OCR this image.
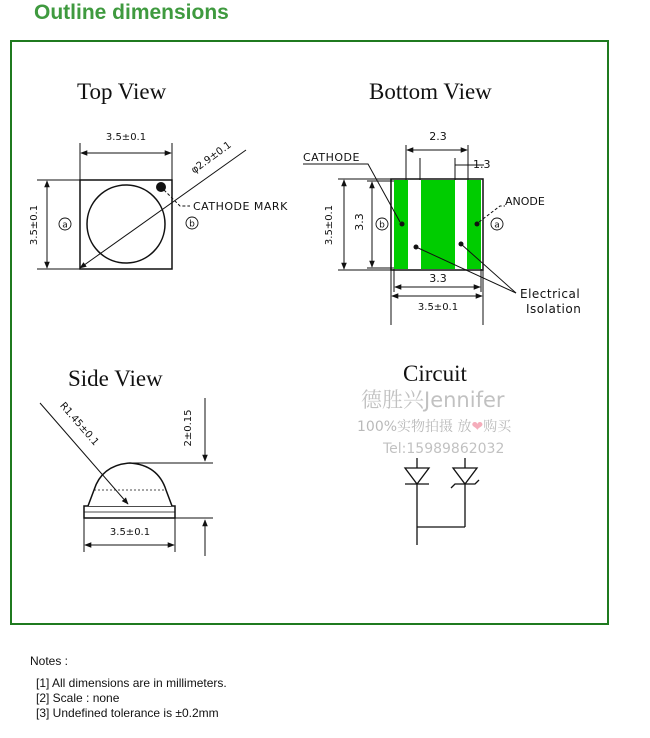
Outline dimensions
Top View
3.5±0.1
3.5±0.1
φ2.9±0.1
CATHODE MARK
a	b
Bottom View
2.3
1.3
CATHODE
ANODE
3.5±0.1 3.3 b	a
3.3
3.5±0.1
Electrical
Isolation
Side View
R1.45±0.1	2±0.15
3.5±0.1
Circuit
德胜兴Jennifer
100%实物拍摄 放❤购买
Tel:15989862032
Notes :
[1] All dimensions are in millimeters.
[2] Scale : none
[3] Undefined tolerance is ±0.2mm
